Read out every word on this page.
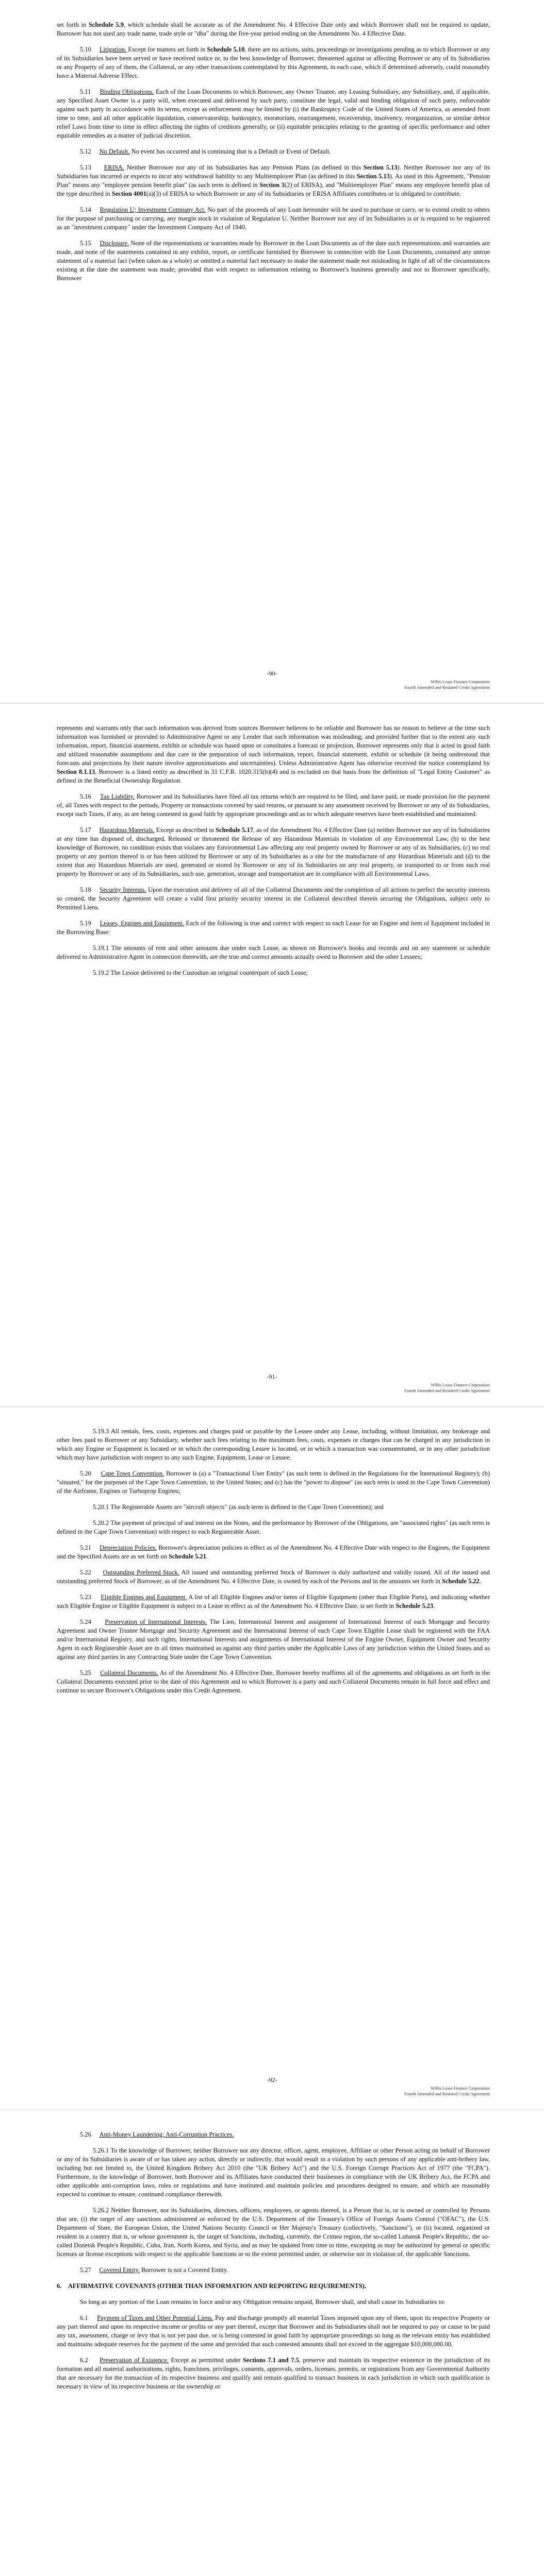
set forth in Schedule 5.9, which schedule shall be accurate as of the Amendment No. 4 Effective Date only and which Borrower shall not be required to update, Borrower has not used any trade name, trade style or "dba" during the five-year period ending on the Amendment No. 4 Effective Date.

5.10 Litigation. Except for matters set forth in Schedule 5.10, there are no actions, suits, proceedings or investigations pending as to which Borrower or any of its Subsidiaries have been served or have received notice or, to the best knowledge of Borrower, threatened against or affecting Borrower or any of its Subsidiaries or any Property of any of them, the Collateral, or any other transactions contemplated by this Agreement, in each case, which if determined adversely, could reasonably have a Material Adverse Effect.

5.11 Binding Obligations. Each of the Loan Documents to which Borrower, any Owner Trustee, any Leasing Subsidiary, any Subsidiary, and, if applicable, any Specified Asset Owner is a party will, when executed and delivered by such party, constitute the legal, valid and binding obligation of such party, enforceable against such party in accordance with its terms, except as enforcement may be limited by (i) the Bankruptcy Code of the United States of America, as amended from time to time, and all other applicable liquidation, conservatorship, bankruptcy, moratorium, rearrangement, receivership, insolvency, reorganization, or similar debtor relief Laws from time to time in effect affecting the rights of creditors generally, or (ii) equitable principles relating to the granting of specific performance and other equitable remedies as a matter of judicial discretion.

5.12 No Default. No event has occurred and is continuing that is a Default or Event of Default.

5.13 ERISA. Neither Borrower nor any of its Subsidiaries has any Pension Plans (as defined in this Section 5.13). Neither Borrower nor any of its Subsidiaries has incurred or expects to incur any withdrawal liability to any Multiemployer Plan (as defined in this Section 5.13). As used in this Agreement, "Pension Plan" means any "employee pension benefit plan" (as such term is defined in Section 3(2) of ERISA), and "Multiemployer Plan" means any employee benefit plan of the type described in Section 4001(a)(3) of ERISA to which Borrower or any of its Subsidiaries or ERISA Affiliates contributes or is obligated to contribute.

5.14 Regulation U; Investment Company Act. No part of the proceeds of any Loan hereunder will be used to purchase or carry, or to extend credit to others for the purpose of purchasing or carrying, any margin stock in violation of Regulation U. Neither Borrower nor any of its Subsidiaries is or is required to be registered as an "investment company" under the Investment Company Act of 1940.

5.15 Disclosure. None of the representations or warranties made by Borrower in the Loan Documents as of the date such representations and warranties are made, and none of the statements contained in any exhibit, report, or certificate furnished by Borrower in connection with the Loan Documents, contained any untrue statement of a material fact (when taken as a whole) or omitted a material fact necessary to make the statement made not misleading in light of all of the circumstances existing at the date the statement was made; provided that with respect to information relating to Borrower's business generally and not to Borrower specifically, Borrower

-90-
Willis Lease Finance Corporation
Fourth Amended and Restated Credit Agreement

represents and warrants only that such information was derived from sources Borrower believes to be reliable and Borrower has no reason to believe at the time such information was furnished or provided to Administrative Agent or any Lender that such information was misleading; and provided further that to the extent any such information, report, financial statement, exhibit or schedule was based upon or constitutes a forecast or projection, Borrower represents only that it acted in good faith and utilized reasonable assumptions and due care in the preparation of such information, report, financial statement, exhibit or schedule (it being understood that forecasts and projections by their nature involve approximations and uncertainties). Unless Administrative Agent has otherwise received the notice contemplated by Section 8.1.13, Borrower is a listed entity as described in 31 C.F.R. 1020.315(b)(4) and is excluded on that basis from the definition of "Legal Entity Customer" as defined in the Beneficial Ownership Regulation.

5.16 Tax Liability. Borrower and its Subsidiaries have filed all tax returns which are required to be filed, and have paid, or made provision for the payment of, all Taxes with respect to the periods, Property or transactions covered by said returns, or pursuant to any assessment received by Borrower or any of its Subsidiaries, except such Taxes, if any, as are being contested in good faith by appropriate proceedings and as to which adequate reserves have been established and maintained.

5.17 Hazardous Materials. Except as described in Schedule 5.17, as of the Amendment No. 4 Effective Date (a) neither Borrower nor any of its Subsidiaries at any time has disposed of, discharged, Released or threatened the Release of any Hazardous Materials in violation of any Environmental Law, (b) to the best knowledge of Borrower, no condition exists that violates any Environmental Law affecting any real property owned by Borrower or any of its Subsidiaries, (c) no real property or any portion thereof is or has been utilized by Borrower or any of its Subsidiaries as a site for the manufacture of any Hazardous Materials and (d) to the extent that any Hazardous Materials are used, generated or stored by Borrower or any of its Subsidiaries on any real property, or transported to or from such real property by Borrower or any of its Subsidiaries, such use, generation, storage and transportation are in compliance with all Environmental Laws.

5.18 Security Interests. Upon the execution and delivery of all of the Collateral Documents and the completion of all actions to perfect the security interests so created, the Security Agreement will create a valid first priority security interest in the Collateral described therein securing the Obligations, subject only to Permitted Liens.

5.19 Leases, Engines and Equipment. Each of the following is true and correct with respect to each Lease for an Engine and item of Equipment included in the Borrowing Base:

5.19.1 The amounts of rent and other amounts due under each Lease, as shown on Borrower's books and records and on any statement or schedule delivered to Administrative Agent in connection therewith, are the true and correct amounts actually owed to Borrower and the other Lessees;

5.19.2 The Lessor delivered to the Custodian an original counterpart of such Lease;

-91-
Willis Lease Finance Corporation
Fourth Amended and Restated Credit Agreement

5.19.3 All rentals, fees, costs, expenses and charges paid or payable by the Lessee under any Lease, including, without limitation, any brokerage and other fees paid to Borrower or any Subsidiary, whether such fees relating to the maximum fees, costs, expenses or charges that can be charged in any jurisdiction in which any Engine or Equipment is located or in which the corresponding Lessee is located, or in which a transaction was consummated, or in any other jurisdiction which may have jurisdiction with respect to any such Engine, Equipment, Lease or Lessee.

5.20 Cape Town Convention. Borrower is (a) a "Transactional User Entity" (as such term is defined in the Regulations for the International Registry); (b) "situated," for the purposes of the Cape Town Convention, in the United States; and (c) has the "power to dispose" (as such term is used in the Cape Town Convention) of the Airframe, Engines or Turboprop Engines;

5.20.1 The Registerable Assets are "aircraft objects" (as such term is defined in the Cape Town Convention); and

5.20.2 The payment of principal of and interest on the Notes, and the performance by Borrower of the Obligations, are "associated rights" (as such term is defined in the Cape Town Convention) with respect to each Registerable Asset.

5.21 Depreciation Policies. Borrower's depreciation policies in effect as of the Amendment No. 4 Effective Date with respect to the Engines, the Equipment and the Specified Assets are as set forth on Schedule 5.21.

5.22 Outstanding Preferred Stock. All issued and outstanding preferred Stock of Borrower is duly authorized and validly issued. All of the issued and outstanding preferred Stock of Borrower, as of the Amendment No. 4 Effective Date, is owned by each of the Persons and in the amounts set forth in Schedule 5.22.

5.23 Eligible Engines and Equipment. A list of all Eligible Engines and/or items of Eligible Equipment (other than Eligible Parts), and indicating whether such Eligible Engine or Eligible Equipment is subject to a Lease in effect as of the Amendment No. 4 Effective Date, is set forth in Schedule 5.23.

5.24 Preservation of International Interests. The Lien, International Interest and assignment of International Interest of each Mortgage and Security Agreement and Owner Trustee Mortgage and Security Agreement and the International Interest of each Cape Town Eligible Lease shall be registered with the FAA and/or International Registry, and such rights, International Interests and assignments of International Interest of the Engine Owner, Equipment Owner and Security Agent in each Registerable Asset are in all times maintained as against any third parties under the Applicable Laws of any jurisdiction within the United States and as against any third parties in any Contracting State under the Cape Town Convention.

5.25 Collateral Documents. As of the Amendment No. 4 Effective Date, Borrower hereby reaffirms all of the agreements and obligations as set forth in the Collateral Documents executed prior to the date of this Agreement and to which Borrower is a party and such Collateral Documents remain in full force and effect and continue to secure Borrower's Obligations under this Credit Agreement.

-92-
Willis Lease Finance Corporation
Fourth Amended and Restated Credit Agreement

5.26 Anti-Money Laundering; Anti-Corruption Practices.

5.26.1 To the knowledge of Borrower, neither Borrower nor any director, officer, agent, employee, Affiliate or other Person acting on behalf of Borrower or any of its Subsidiaries is aware of or has taken any action, directly or indirectly, that would result in a violation by such persons of any applicable anti-bribery law, including but not limited to, the United Kingdom Bribery Act 2010 (the "UK Bribery Act") and the U.S. Foreign Corrupt Practices Act of 1977 (the "FCPA"). Furthermore, to the knowledge of Borrower, both Borrower and its Affiliates have conducted their businesses in compliance with the UK Bribery Act, the FCPA and other applicable anti-corruption laws, rules or regulations and have instituted and maintain policies and procedures designed to ensure, and which are reasonably expected to continue to ensure, continued compliance therewith.

5.26.2 Neither Borrower, nor its Subsidiaries, directors, officers, employees, or agents thereof, is a Person that is, or is owned or controlled by Persons that are, (i) the target of any sanctions administered or enforced by the U.S. Department of the Treasury's Office of Foreign Assets Control ("OFAC"), the U.S. Department of State, the European Union, the United Nations Security Council or Her Majesty's Treasury (collectively, "Sanctions"), or (ii) located, organized or resident in a country that is, or whose government is, the target of Sanctions, including, currently, the Crimea region, the so-called Luhansk People's Republic, the so-called Donetsk People's Republic, Cuba, Iran, North Korea, and Syria, and as may be updated from time to time, excepting as may be authorized by general or specific licenses or license exceptions with respect to the applicable Sanctions or to the extent permitted under, or otherwise not in violation of, the applicable Sanctions.

5.27 Covered Entity. Borrower is not a Covered Entity.

6. AFFIRMATIVE COVENANTS (OTHER THAN INFORMATION AND REPORTING REQUIREMENTS).

So long as any portion of the Loan remains in force and/or any Obligation remains unpaid, Borrower shall, and shall cause its Subsidiaries to:

6.1 Payment of Taxes and Other Potential Liens. Pay and discharge promptly all material Taxes imposed upon any of them, upon its respective Property or any part thereof and upon its respective income or profits or any part thereof, except that Borrower and its Subsidiaries shall not be required to pay or cause to be paid any tax, assessment, charge or levy that is not yet past due, or is being contested in good faith by appropriate proceedings so long as the relevant entity has established and maintains adequate reserves for the payment of the same and provided that such contested amounts shall not exceed in the aggregate $10,000,000.00.

6.2 Preservation of Existence. Except as permitted under Sections 7.1 and 7.5, preserve and maintain its respective existence in the jurisdiction of its formation and all material authorizations, rights, franchises, privileges, consents, approvals, orders, licenses, permits, or registrations from any Governmental Authority that are necessary for the transaction of its respective business and qualify and remain qualified to transact business in each jurisdiction in which such qualification is necessary in view of its respective business or the ownership or
